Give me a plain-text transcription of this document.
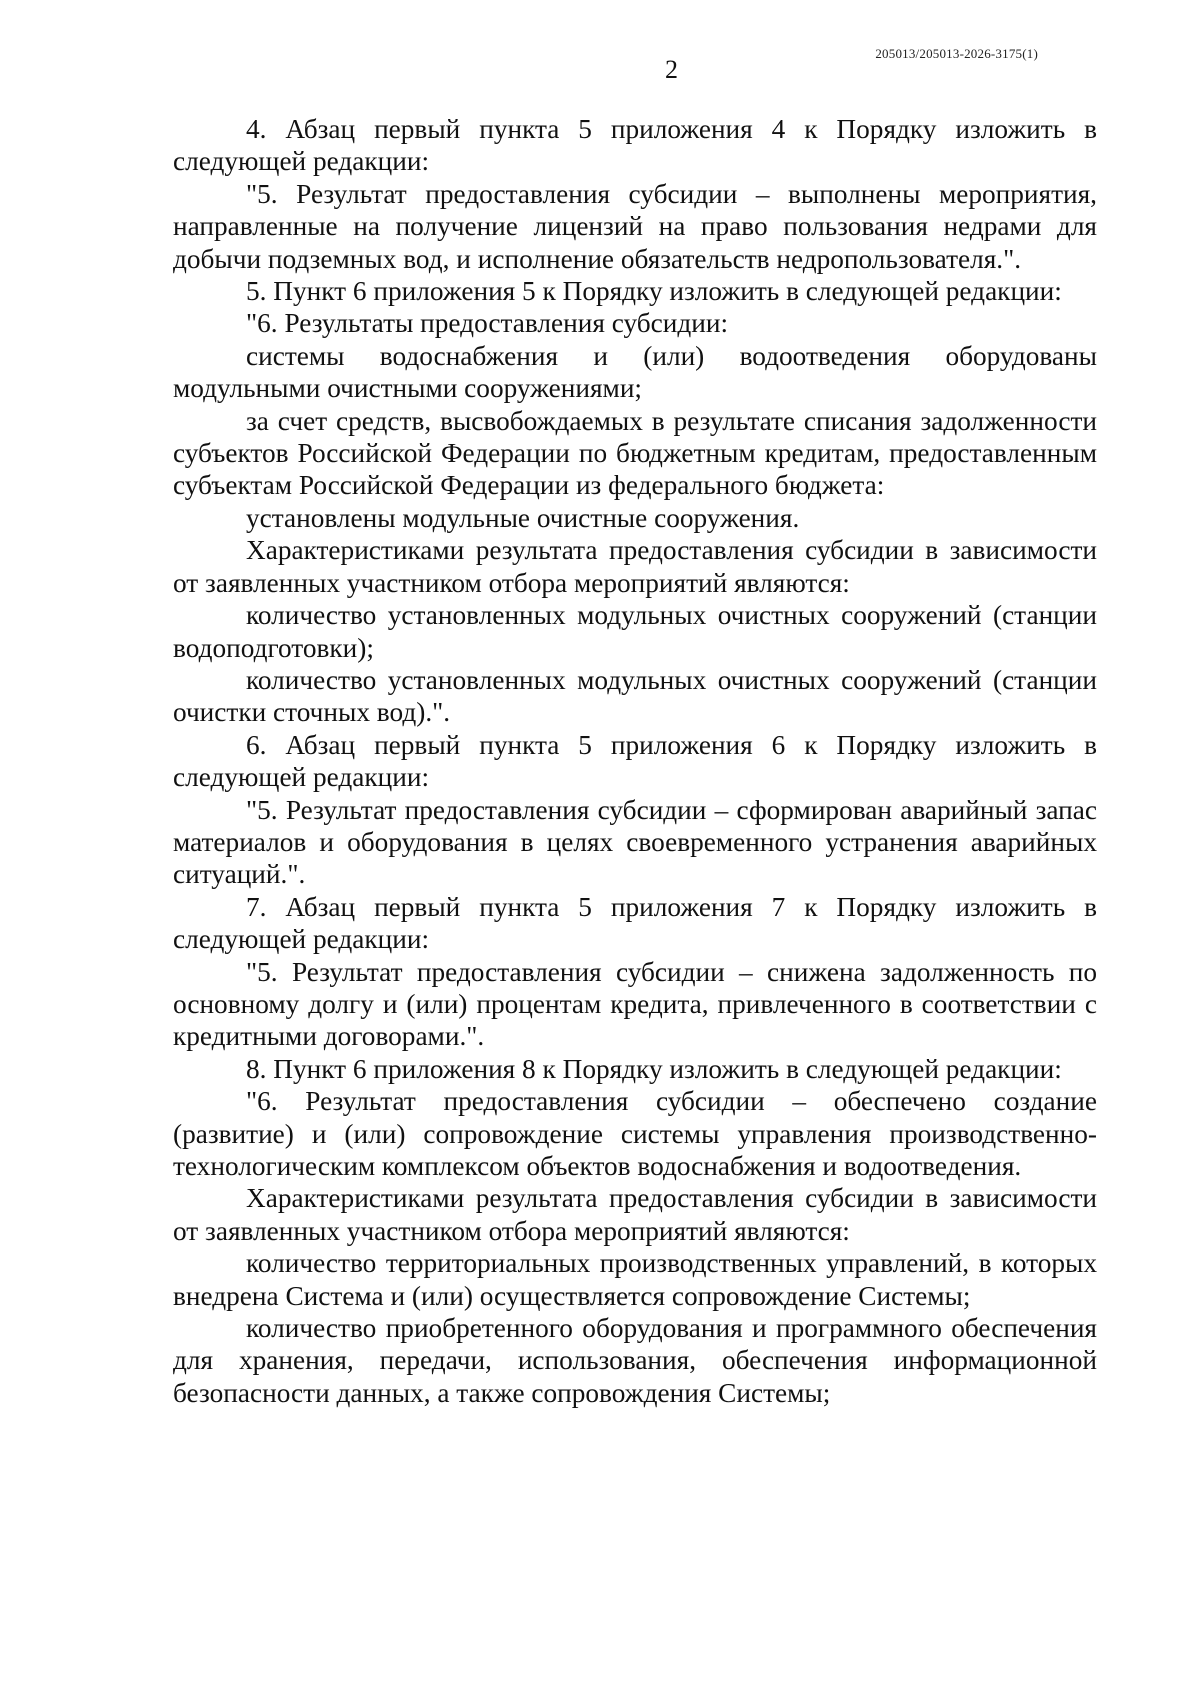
205013/205013-2026-3175(1)
2

4. Абзац первый пункта 5 приложения 4 к Порядку изложить в следующей редакции:

"5. Результат предоставления субсидии – выполнены мероприятия, направленные на получение лицензий на право пользования недрами для добычи подземных вод, и исполнение обязательств недропользователя.".

5. Пункт 6 приложения 5 к Порядку изложить в следующей редакции:

"6. Результаты предоставления субсидии:

системы водоснабжения и (или) водоотведения оборудованы модульными очистными сооружениями;

за счет средств, высвобождаемых в результате списания задолженности субъектов Российской Федерации по бюджетным кредитам, предоставленным субъектам Российской Федерации из федерального бюджета:

установлены модульные очистные сооружения.

Характеристиками результата предоставления субсидии в зависимости от заявленных участником отбора мероприятий являются:

количество установленных модульных очистных сооружений (станции водоподготовки);

количество установленных модульных очистных сооружений (станции очистки сточных вод).".

6. Абзац первый пункта 5 приложения 6 к Порядку изложить в следующей редакции:

"5. Результат предоставления субсидии – сформирован аварийный запас материалов и оборудования в целях своевременного устранения аварийных ситуаций.".

7. Абзац первый пункта 5 приложения 7 к Порядку изложить в следующей редакции:

"5. Результат предоставления субсидии – снижена задолженность по основному долгу и (или) процентам кредита, привлеченного в соответствии с кредитными договорами.".

8. Пункт 6 приложения 8 к Порядку изложить в следующей редакции:

"6. Результат предоставления субсидии – обеспечено создание (развитие) и (или) сопровождение системы управления производственно-технологическим комплексом объектов водоснабжения и водоотведения.

Характеристиками результата предоставления субсидии в зависимости от заявленных участником отбора мероприятий являются:

количество территориальных производственных управлений, в которых внедрена Система и (или) осуществляется сопровождение Системы;

количество приобретенного оборудования и программного обеспечения для хранения, передачи, использования, обеспечения информационной безопасности данных, а также сопровождения Системы;
